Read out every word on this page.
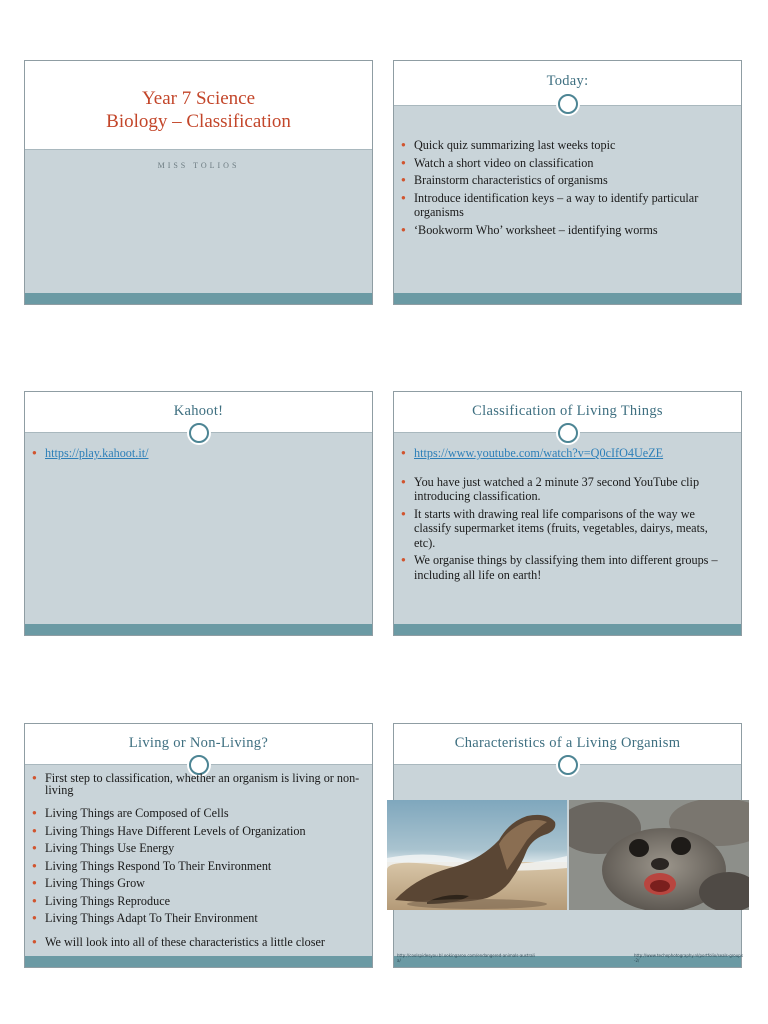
Year 7 Science
Biology – Classification
MISS TOLIOS
Today:
● Quick quiz summarizing last weeks topic
● Watch a short video on classification
● Brainstorm characteristics of organisms
● Introduce identification keys – a way to identify particular organisms
● ‘Bookworm Who’ worksheet – identifying worms
Kahoot!
● https://play.kahoot.it/
Classification of Living Things
● https://www.youtube.com/watch?v=Q0cIfO4UeZE
● You have just watched a 2 minute 37 second YouTube clip introducing classification.
● It starts with drawing real life comparisons of the way we classify supermarket items (fruits, vegetables, dairys, meats, etc).
● We organise things by classifying them into different groups – including all life on earth!
Living or Non-Living?
● First step to classification, whether an organism is living or non-living
● Living Things are Composed of Cells
● Living Things Have Different Levels of Organization
● Living Things Use Energy
● Living Things Respond To Their Environment
● Living Things Grow
● Living Things Reproduce
● Living Things Adapt To Their Environment
● We will look into all of these characteristics a little closer
Characteristics of a Living Organism
http://coolspidesyou.bl.ookingaroo.com/endangered-animals-australia/
http://www.techophotography.nl/portfolio/seals-groups-2/
